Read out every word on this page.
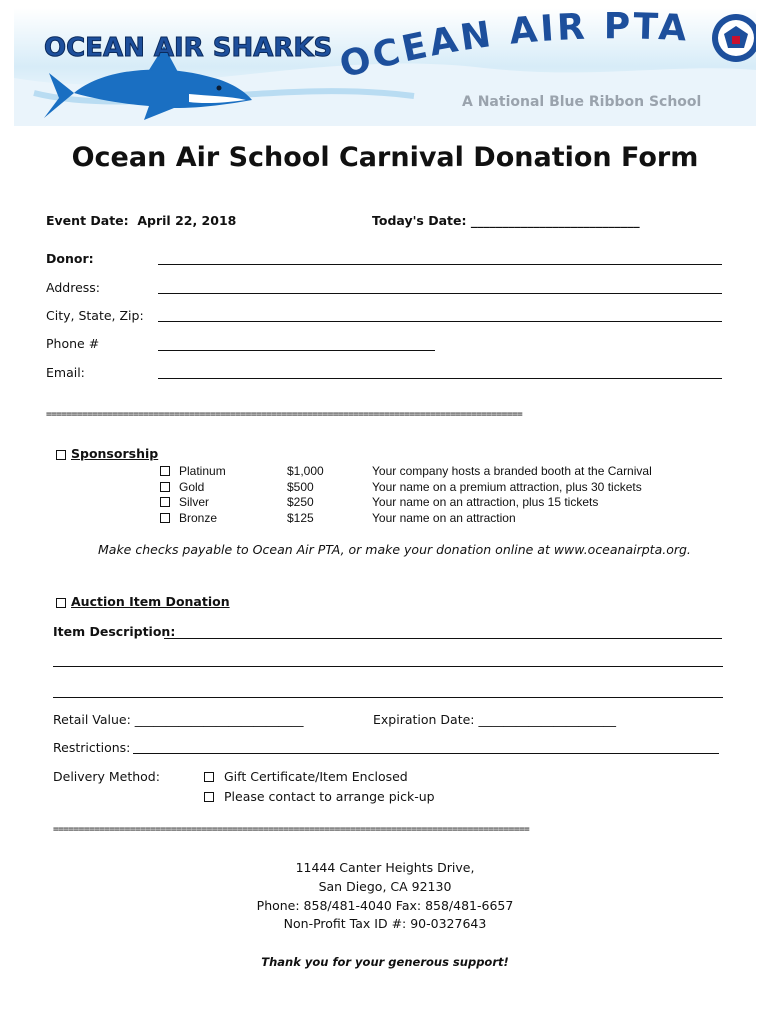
OCEAN AIR SHARKS OCEAN AIR PTA
A National Blue Ribbon School
Ocean Air School Carnival Donation Form
Event Date:  April 22, 2018	Today's Date: ___________________________
Donor:
Address:
City, State, Zip:
Phone #
Email:
=============================================================================================
Sponsorship
Platinum	$1,000	Your company hosts a branded booth at the Carnival
Gold	$500	Your name on a premium attraction, plus 30 tickets
Silver	$250	Your name on an attraction, plus 15 tickets
Bronze	$125	Your name on an attraction
Make checks payable to Ocean Air PTA, or make your donation online at www.oceanairpta.org.
Auction Item Donation
Item Description:
Retail Value: ___________________________	Expiration Date: ______________________
Restrictions:
Delivery Method:	Gift Certificate/Item Enclosed
Please contact to arrange pick-up
=============================================================================================
11444 Canter Heights Drive,
San Diego, CA 92130
Phone: 858/481-4040 Fax: 858/481-6657
Non-Profit Tax ID #: 90-0327643
Thank you for your generous support!
